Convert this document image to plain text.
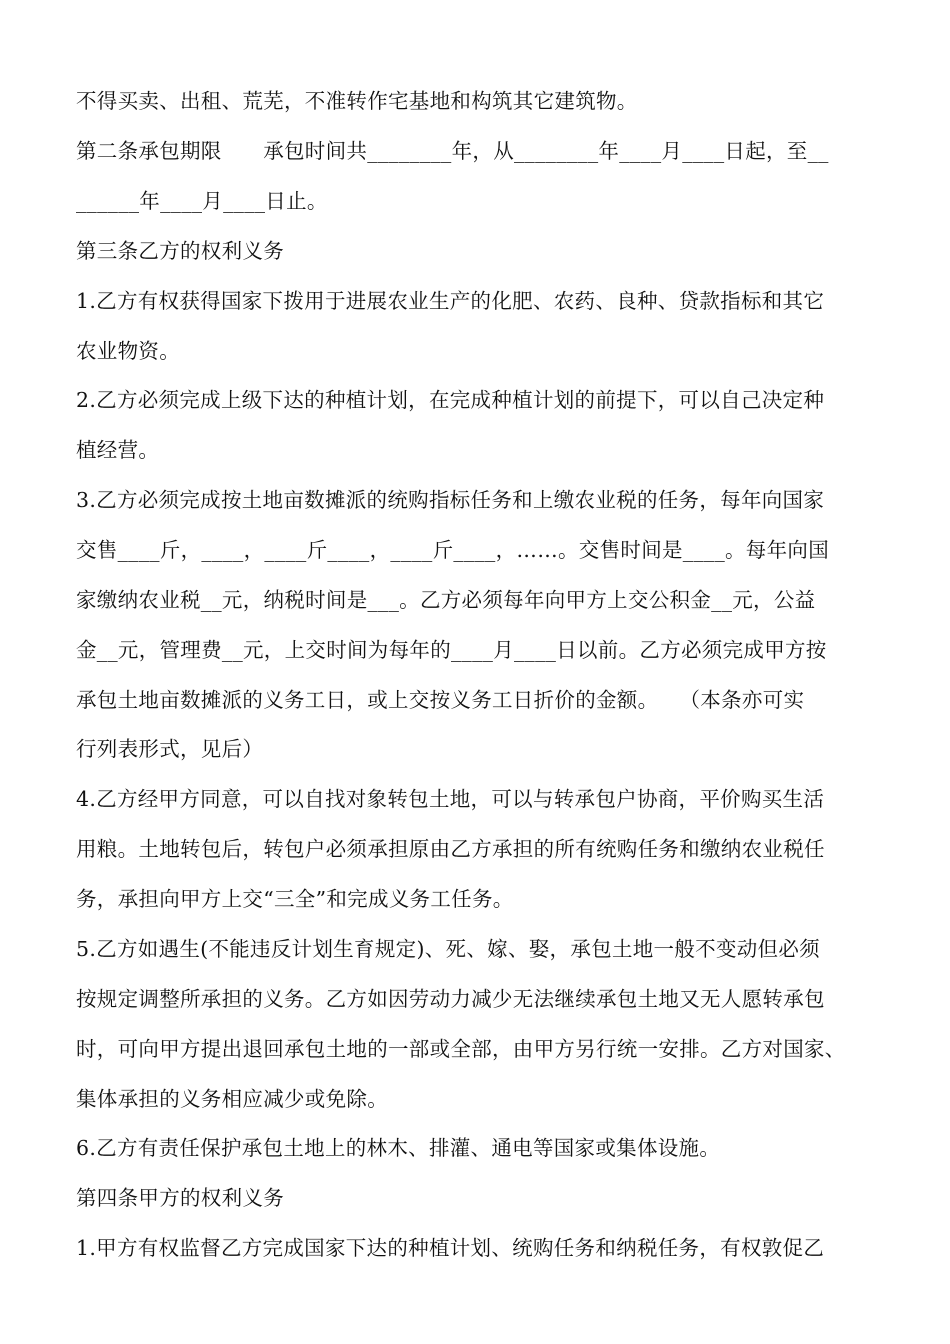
不得买卖、出租、荒芜，不准转作宅基地和构筑其它建筑物。
第二条承包期限　　承包时间共________年，从________年____月____日起，至__
______年____月____日止。
第三条乙方的权利义务
1.乙方有权获得国家下拨用于进展农业生产的化肥、农药、良种、贷款指标和其它
农业物资。
2.乙方必须完成上级下达的种植计划，在完成种植计划的前提下，可以自己决定种
植经营。
3.乙方必须完成按土地亩数摊派的统购指标任务和上缴农业税的任务，每年向国家
交售____斤，____，____斤____，____斤____，……。交售时间是____。每年向国
家缴纳农业税__元，纳税时间是___。乙方必须每年向甲方上交公积金__元，公益
金__元，管理费__元，上交时间为每年的____月____日以前。乙方必须完成甲方按
承包土地亩数摊派的义务工日，或上交按义务工日折价的金额。　　（本条亦可实
行列表形式，见后）
4.乙方经甲方同意，可以自找对象转包土地，可以与转承包户协商，平价购买生活
用粮。土地转包后，转包户必须承担原由乙方承担的所有统购任务和缴纳农业税任
务，承担向甲方上交“三全”和完成义务工任务。
5.乙方如遇生(不能违反计划生育规定)、死、嫁、娶，承包土地一般不变动但必须
按规定调整所承担的义务。乙方如因劳动力减少无法继续承包土地又无人愿转承包
时，可向甲方提出退回承包土地的一部或全部，由甲方另行统一安排。乙方对国家、
集体承担的义务相应减少或免除。
6.乙方有责任保护承包土地上的林木、排灌、通电等国家或集体设施。
第四条甲方的权利义务
1.甲方有权监督乙方完成国家下达的种植计划、统购任务和纳税任务，有权敦促乙
